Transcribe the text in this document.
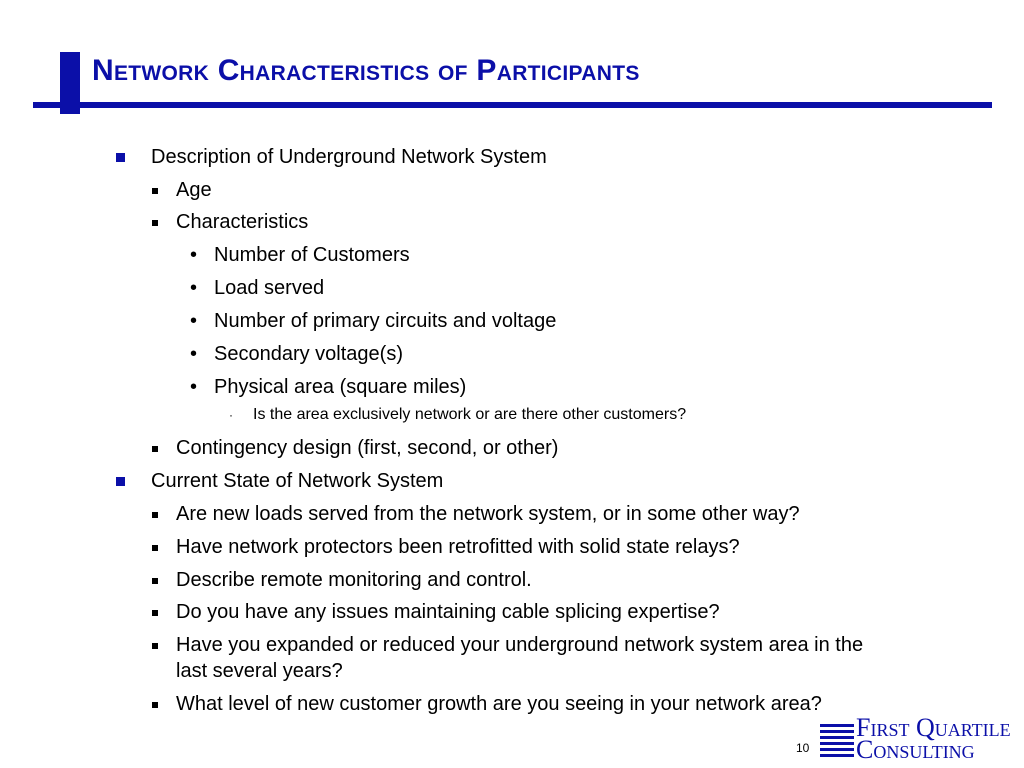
Network Characteristics of Participants
Description of Underground Network System
Age
Characteristics
• Number of Customers
• Load served
• Number of primary circuits and voltage
• Secondary voltage(s)
• Physical area (square miles)
· Is the area exclusively network or are there other customers?
Contingency design (first, second, or other)
Current State of Network System
Are new loads served from the network system, or in some other way?
Have network protectors been retrofitted with solid state relays?
Describe remote monitoring and control.
Do you have any issues maintaining cable splicing expertise?
Have you expanded or reduced your underground network system area in the
last several years?
What level of new customer growth are you seeing in your network area?
10
First Quartile
Consulting
